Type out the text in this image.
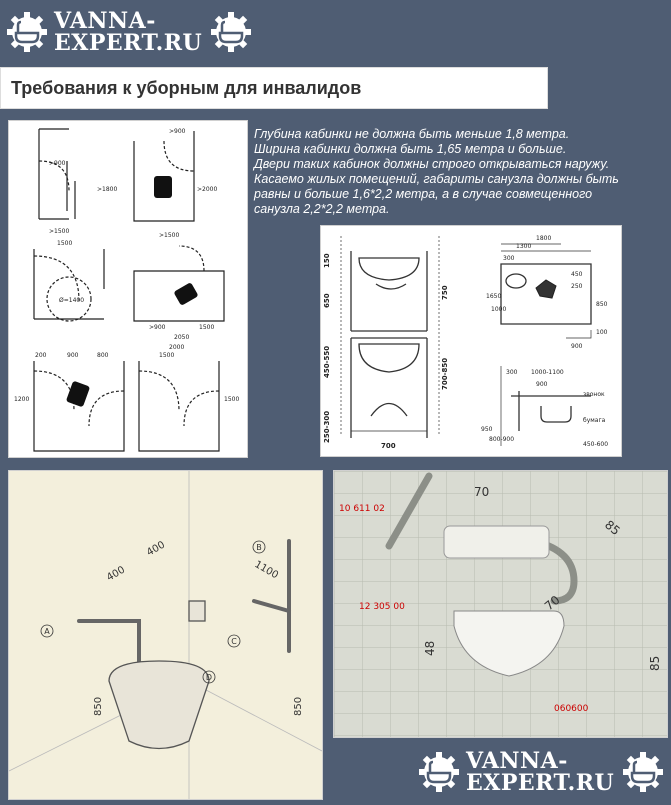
VANNA-
EXPERT.RU
Требования к уборным для инвалидов
>900
>900
>1500
>1500
>1800	>2000
1500
Ø=1400
1500
2050
2000
>900
200	900	800	1500
1200	1500
Глубина кабинки не должна быть меньше 1,8 метра.
Ширина кабинки должна быть 1,65 метра и больше.
Двери таких кабинок должны строго открываться наружу.
Касаемо жилых помещений, габариты санузла должны быть
равны и больше 1,6*2,2 метра, а в случае совмещенного
санузла 2,2*2,2 метра.
700
150
650
450-550
250-300
750
700-850
1800
1300
300
450
250
1650
1000
850
100
900
300 1000-1100
900
звонок
бумага
950
800-900
450-600
400
400
1100
850	850
A
B
C
D
10 611 02
12 305 00
060600
70
85
70
48
85
VANNA-
EXPERT.RU
